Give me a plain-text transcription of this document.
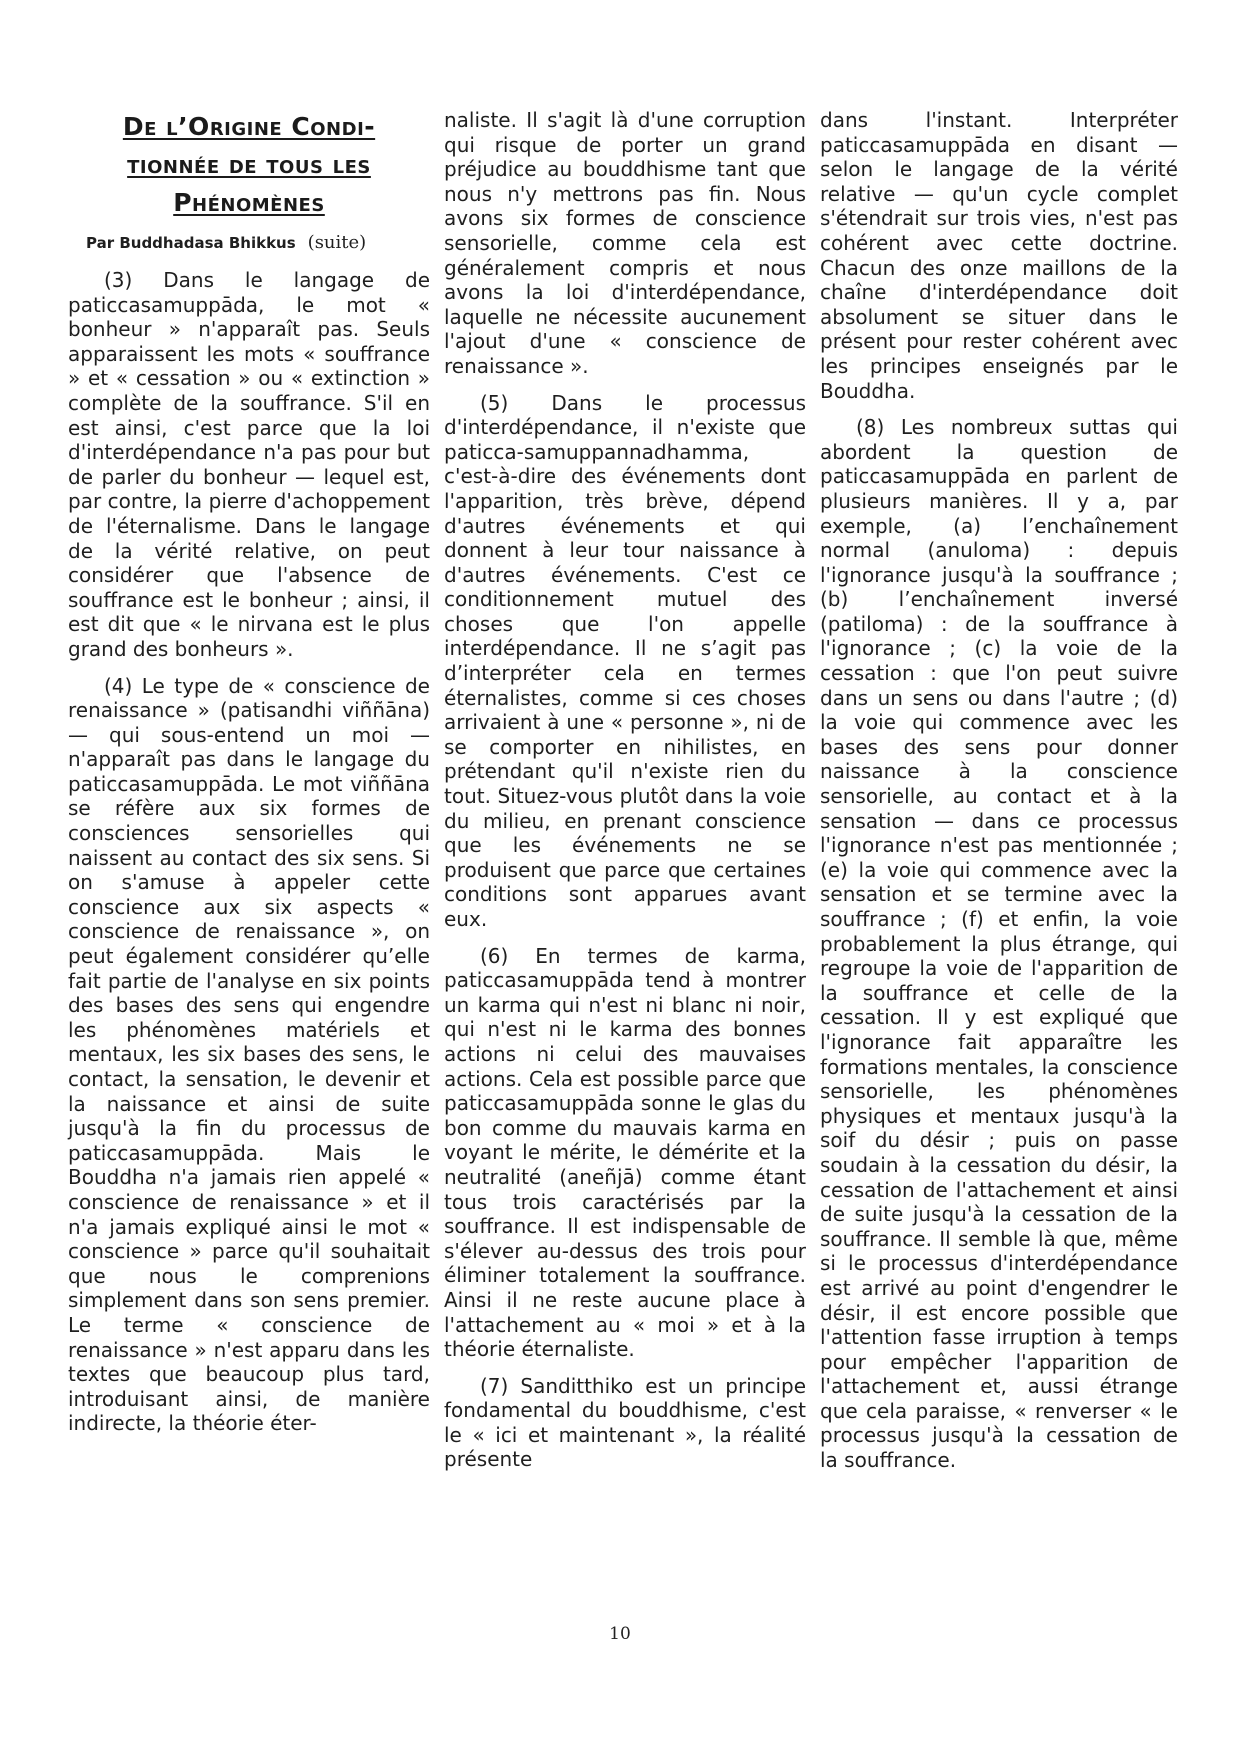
De l’Origine Condi-
tionnée de tous les
Phénomènes
Par Buddhadasa Bhikkus (suite)

(3) Dans le langage de paticcasamuppāda, le mot « bonheur » n'apparaît pas. Seuls apparaissent les mots « souffrance » et « cessation » ou « extinction » complète de la souffrance. S'il en est ainsi, c'est parce que la loi d'interdépendance n'a pas pour but de parler du bonheur — lequel est, par contre, la pierre d'achoppement de l'éternalisme. Dans le langage de la vérité relative, on peut considérer que l'absence de souffrance est le bonheur ; ainsi, il est dit que « le nirvana est le plus grand des bonheurs ».

(4) Le type de « conscience de renaissance » (patisandhi viññāna) — qui sous-entend un moi — n'apparaît pas dans le langage du paticcasamuppāda. Le mot viññāna se réfère aux six formes de consciences sensorielles qui naissent au contact des six sens. Si on s'amuse à appeler cette conscience aux six aspects « conscience de renaissance », on peut également considérer qu’elle fait partie de l'analyse en six points des bases des sens qui engendre les phénomènes matériels et mentaux, les six bases des sens, le contact, la sensation, le devenir et la naissance et ainsi de suite jusqu'à la fin du processus de paticcasamuppāda. Mais le Bouddha n'a jamais rien appelé « conscience de renaissance » et il n'a jamais expliqué ainsi le mot « conscience » parce qu'il souhaitait que nous le comprenions simplement dans son sens premier. Le terme « conscience de renaissance » n'est apparu dans les textes que beaucoup plus tard, introduisant ainsi, de manière indirecte, la théorie éter-

naliste. Il s'agit là d'une corruption qui risque de porter un grand préjudice au bouddhisme tant que nous n'y mettrons pas fin. Nous avons six formes de conscience sensorielle, comme cela est généralement compris et nous avons la loi d'interdépendance, laquelle ne nécessite aucunement l'ajout d'une « conscience de renaissance ».

(5) Dans le processus d'interdépendance, il n'existe que paticca-samuppannadhamma, c'est-à-dire des événements dont l'apparition, très brève, dépend d'autres événements et qui donnent à leur tour naissance à d'autres événements. C'est ce conditionnement mutuel des choses que l'on appelle interdépendance. Il ne s’agit pas d’interpréter cela en termes éternalistes, comme si ces choses arrivaient à une « personne », ni de se comporter en nihilistes, en prétendant qu'il n'existe rien du tout. Situez-vous plutôt dans la voie du milieu, en prenant conscience que les événements ne se produisent que parce que certaines conditions sont apparues avant eux.

(6) En termes de karma, paticcasamuppāda tend à montrer un karma qui n'est ni blanc ni noir, qui n'est ni le karma des bonnes actions ni celui des mauvaises actions. Cela est possible parce que paticcasamuppāda sonne le glas du bon comme du mauvais karma en voyant le mérite, le démérite et la neutralité (aneñjā) comme étant tous trois caractérisés par la souffrance. Il est indispensable de s'élever au-dessus des trois pour éliminer totalement la souffrance. Ainsi il ne reste aucune place à l'attachement au « moi » et à la théorie éternaliste.

(7) Sanditthiko est un principe fondamental du bouddhisme, c'est le « ici et maintenant », la réalité présente

dans l'instant. Interpréter paticcasamuppāda en disant — selon le langage de la vérité relative — qu'un cycle complet s'étendrait sur trois vies, n'est pas cohérent avec cette doctrine. Chacun des onze maillons de la chaîne d'interdépendance doit absolument se situer dans le présent pour rester cohérent avec les principes enseignés par le Bouddha.

(8) Les nombreux suttas qui abordent la question de paticcasamuppāda en parlent de plusieurs manières. Il y a, par exemple, (a) l’enchaînement normal (anuloma) : depuis l'ignorance jusqu'à la souffrance ; (b) l’enchaînement inversé (patiloma) : de la souffrance à l'ignorance ; (c) la voie de la cessation : que l'on peut suivre dans un sens ou dans l'autre ; (d) la voie qui commence avec les bases des sens pour donner naissance à la conscience sensorielle, au contact et à la sensation — dans ce processus l'ignorance n'est pas mentionnée ; (e) la voie qui commence avec la sensation et se termine avec la souffrance ; (f) et enfin, la voie probablement la plus étrange, qui regroupe la voie de l'apparition de la souffrance et celle de la cessation. Il y est expliqué que l'ignorance fait apparaître les formations mentales, la conscience sensorielle, les phénomènes physiques et mentaux jusqu'à la soif du désir ; puis on passe soudain à la cessation du désir, la cessation de l'attachement et ainsi de suite jusqu'à la cessation de la souffrance. Il semble là que, même si le processus d'interdépendance est arrivé au point d'engendrer le désir, il est encore possible que l'attention fasse irruption à temps pour empêcher l'apparition de l'attachement et, aussi étrange que cela paraisse, « renverser « le processus jusqu'à la cessation de la souffrance.

10
